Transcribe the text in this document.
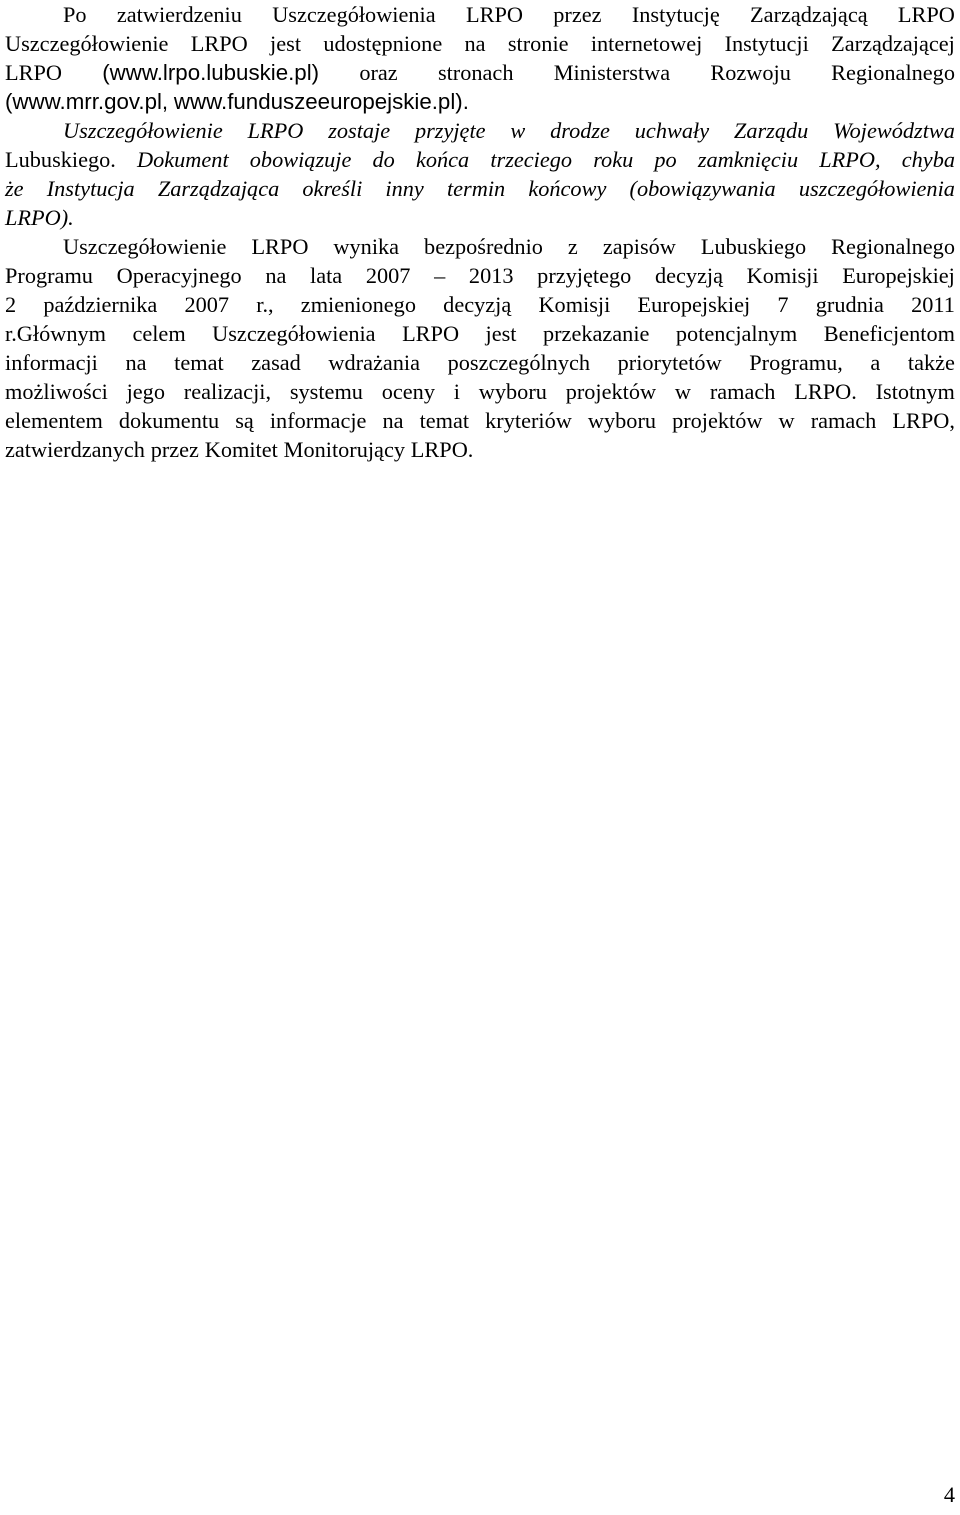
Po zatwierdzeniu Uszczegółowienia LRPO przez Instytucję Zarządzającą LRPO
Uszczegółowienie LRPO jest udostępnione na stronie internetowej Instytucji Zarządzającej
LRPO (www.lrpo.lubuskie.pl) oraz stronach Ministerstwa Rozwoju Regionalnego
(www.mrr.gov.pl, www.funduszeeuropejskie.pl).
Uszczegółowienie LRPO zostaje przyjęte w drodze uchwały Zarządu Województwa
Lubuskiego. Dokument obowiązuje do końca trzeciego roku po zamknięciu LRPO, chyba
że Instytucja Zarządzająca określi inny termin końcowy (obowiązywania uszczegółowienia
LRPO).
Uszczegółowienie LRPO wynika bezpośrednio z zapisów Lubuskiego Regionalnego
Programu Operacyjnego na lata 2007 – 2013 przyjętego decyzją Komisji Europejskiej
2 października 2007 r., zmienionego decyzją Komisji Europejskiej 7 grudnia 2011
r.Głównym celem Uszczegółowienia LRPO jest przekazanie potencjalnym Beneficjentom
informacji na temat zasad wdrażania poszczególnych priorytetów Programu, a także
możliwości jego realizacji, systemu oceny i wyboru projektów w ramach LRPO. Istotnym
elementem dokumentu są informacje na temat kryteriów wyboru projektów w ramach LRPO,
zatwierdzanych przez Komitet Monitorujący LRPO.
4
